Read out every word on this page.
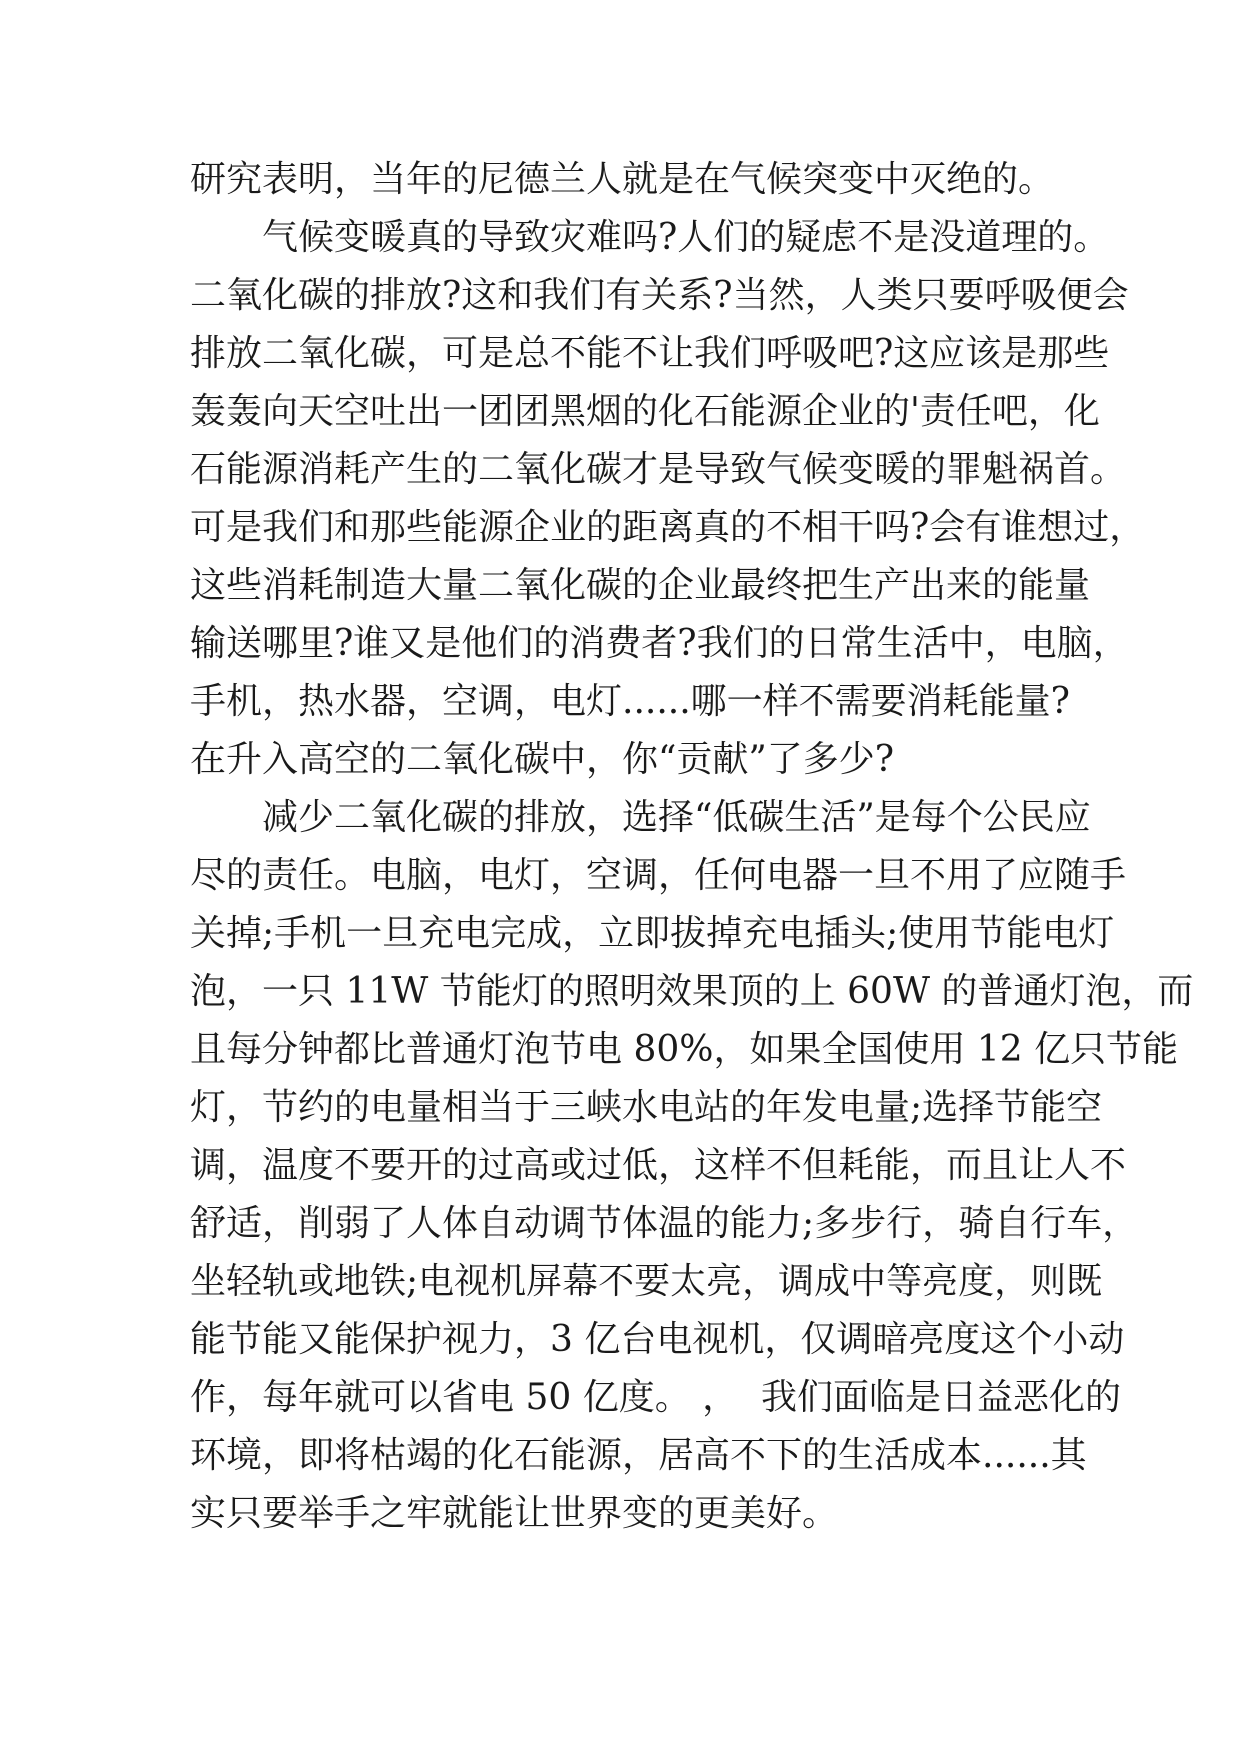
研究表明，当年的尼德兰人就是在气候突变中灭绝的。
气候变暖真的导致灾难吗?人们的疑虑不是没道理的。
二氧化碳的排放?这和我们有关系?当然，人类只要呼吸便会
排放二氧化碳，可是总不能不让我们呼吸吧?这应该是那些
轰轰向天空吐出一团团黑烟的化石能源企业的'责任吧，化
石能源消耗产生的二氧化碳才是导致气候变暖的罪魁祸首。
可是我们和那些能源企业的距离真的不相干吗?会有谁想过，
这些消耗制造大量二氧化碳的企业最终把生产出来的能量
输送哪里?谁又是他们的消费者?我们的日常生活中，电脑，
手机，热水器，空调，电灯......哪一样不需要消耗能量?
在升入高空的二氧化碳中，你“贡献”了多少?
减少二氧化碳的排放，选择“低碳生活”是每个公民应
尽的责任。电脑，电灯，空调，任何电器一旦不用了应随手
关掉;手机一旦充电完成，立即拔掉充电插头;使用节能电灯
泡，一只 11W 节能灯的照明效果顶的上 60W 的普通灯泡，而
且每分钟都比普通灯泡节电 80%，如果全国使用 12 亿只节能
灯，节约的电量相当于三峡水电站的年发电量;选择节能空
调，温度不要开的过高或过低，这样不但耗能，而且让人不
舒适，削弱了人体自动调节体温的能力;多步行，骑自行车，
坐轻轨或地铁;电视机屏幕不要太亮，调成中等亮度，则既
能节能又能保护视力，3 亿台电视机，仅调暗亮度这个小动
作，每年就可以省电 50 亿度。 ，  我们面临是日益恶化的
环境，即将枯竭的化石能源，居高不下的生活成本......其
实只要举手之牢就能让世界变的更美好。
